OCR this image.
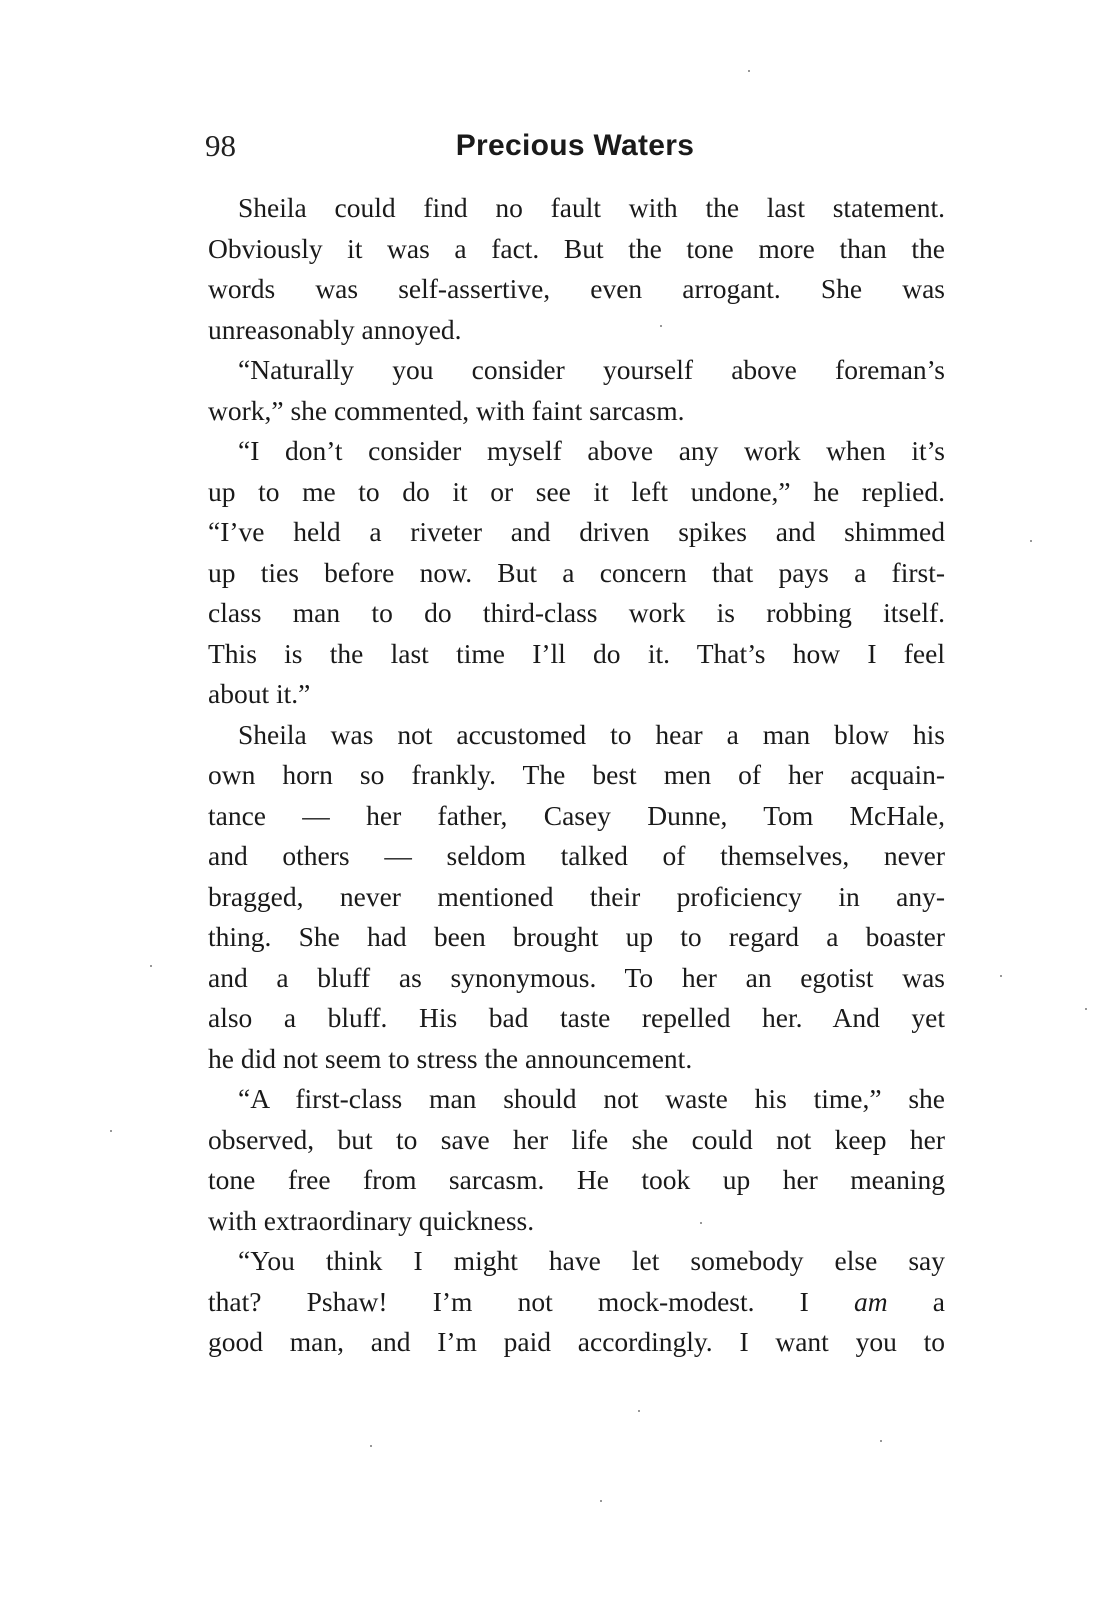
98	Precious Waters
Sheila could find no fault with the last statement.
Obviously it was a fact. But the tone more than the
words was self-assertive, even arrogant. She was
unreasonably annoyed.
“Naturally you consider yourself above foreman’s
work,” she commented, with faint sarcasm.
“I don’t consider myself above any work when it’s
up to me to do it or see it left undone,” he replied.
“I’ve held a riveter and driven spikes and shimmed
up ties before now. But a concern that pays a first-
class man to do third-class work is robbing itself.
This is the last time I’ll do it. That’s how I feel
about it.”
Sheila was not accustomed to hear a man blow his
own horn so frankly. The best men of her acquain-
tance — her father, Casey Dunne, Tom McHale,
and others — seldom talked of themselves, never
bragged, never mentioned their proficiency in any-
thing. She had been brought up to regard a boaster
and a bluff as synonymous. To her an egotist was
also a bluff. His bad taste repelled her. And yet
he did not seem to stress the announcement.
“A first-class man should not waste his time,” she
observed, but to save her life she could not keep her
tone free from sarcasm. He took up her meaning
with extraordinary quickness.
“You think I might have let somebody else say
that? Pshaw! I’m not mock-modest. I am a
good man, and I’m paid accordingly. I want you to
